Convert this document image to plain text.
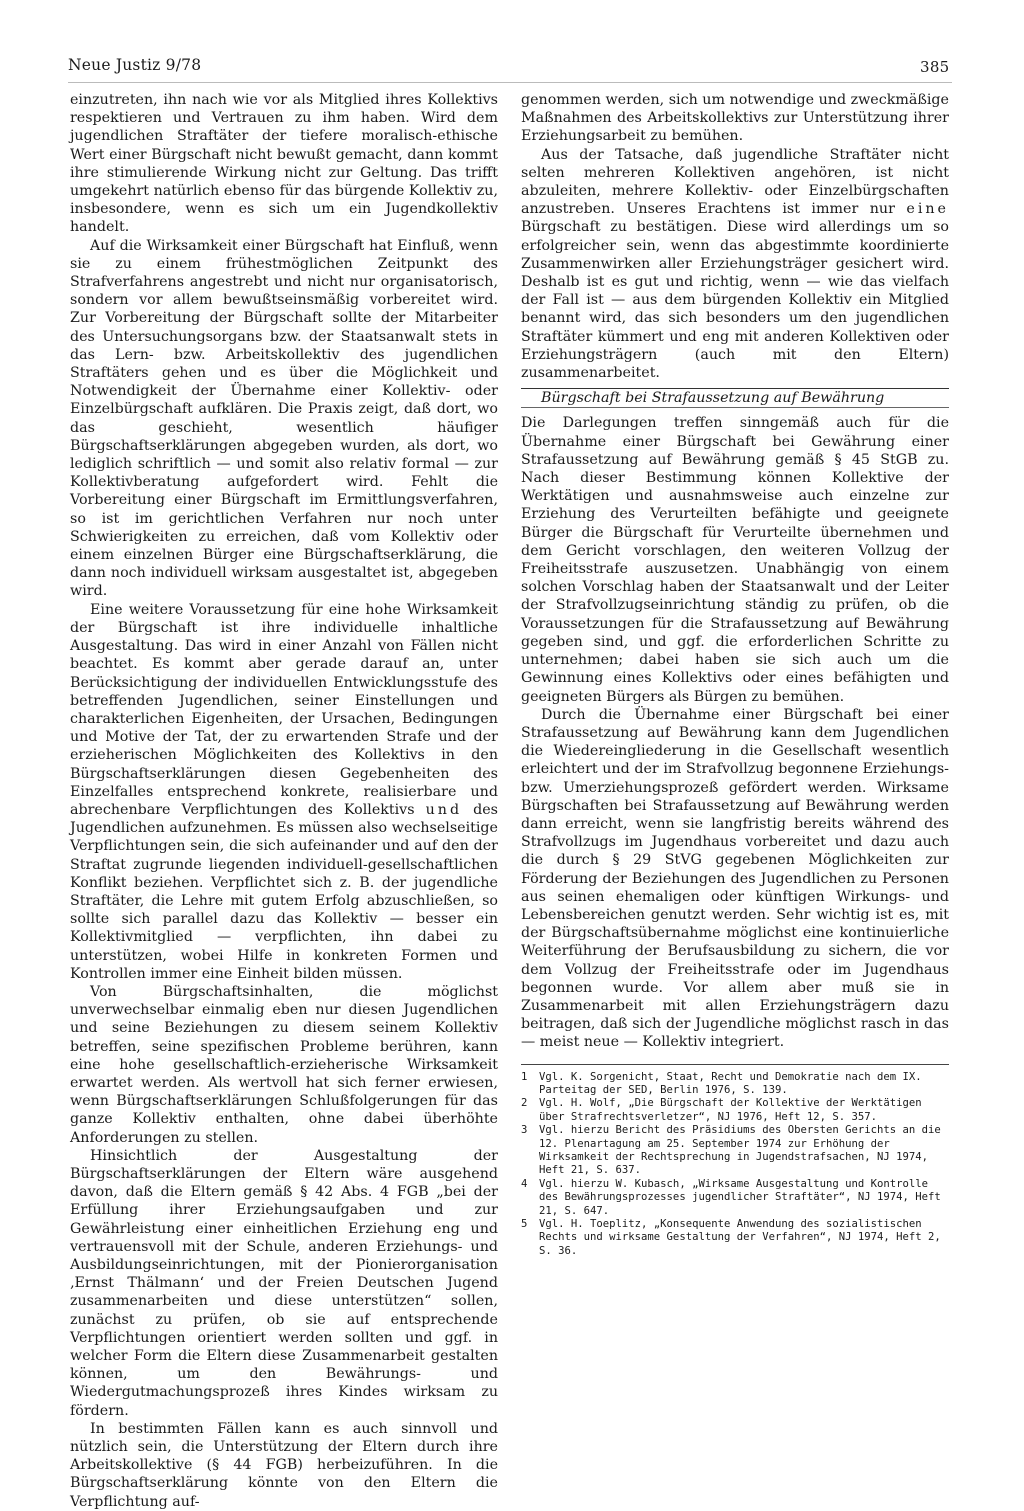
Neue Justiz 9/78	385

einzutreten, ihn nach wie vor als Mitglied ihres Kollektivs respektieren und Vertrauen zu ihm haben. Wird dem jugendlichen Straftäter der tiefere moralisch-ethische Wert einer Bürgschaft nicht bewußt gemacht, dann kommt ihre stimulierende Wirkung nicht zur Geltung. Das trifft umgekehrt natürlich ebenso für das bürgende Kollektiv zu, insbesondere, wenn es sich um ein Jugendkollektiv handelt.

Auf die Wirksamkeit einer Bürgschaft hat Einfluß, wenn sie zu einem frühestmöglichen Zeitpunkt des Strafverfahrens angestrebt und nicht nur organisatorisch, sondern vor allem bewußtseinsmäßig vorbereitet wird. Zur Vorbereitung der Bürgschaft sollte der Mitarbeiter des Untersuchungsorgans bzw. der Staatsanwalt stets in das Lern- bzw. Arbeitskollektiv des jugendlichen Straftäters gehen und es über die Möglichkeit und Notwendigkeit der Übernahme einer Kollektiv- oder Einzelbürgschaft aufklären. Die Praxis zeigt, daß dort, wo das geschieht, wesentlich häufiger Bürgschaftserklärungen abgegeben wurden, als dort, wo lediglich schriftlich — und somit also relativ formal — zur Kollektivberatung aufgefordert wird. Fehlt die Vorbereitung einer Bürgschaft im Ermittlungsverfahren, so ist im gerichtlichen Verfahren nur noch unter Schwierigkeiten zu erreichen, daß vom Kollektiv oder einem einzelnen Bürger eine Bürgschaftserklärung, die dann noch individuell wirksam ausgestaltet ist, abgegeben wird.

Eine weitere Voraussetzung für eine hohe Wirksamkeit der Bürgschaft ist ihre individuelle inhaltliche Ausgestaltung. Das wird in einer Anzahl von Fällen nicht beachtet. Es kommt aber gerade darauf an, unter Berücksichtigung der individuellen Entwicklungsstufe des betreffenden Jugendlichen, seiner Einstellungen und charakterlichen Eigenheiten, der Ursachen, Bedingungen und Motive der Tat, der zu erwartenden Strafe und der erzieherischen Möglichkeiten des Kollektivs in den Bürgschaftserklärungen diesen Gegebenheiten des Einzelfalles entsprechend konkrete, realisierbare und abrechenbare Verpflichtungen des Kollektivs und des Jugendlichen aufzunehmen. Es müssen also wechselseitige Verpflichtungen sein, die sich aufeinander und auf den der Straftat zugrunde liegenden individuell-gesellschaftlichen Konflikt beziehen. Verpflichtet sich z. B. der jugendliche Straftäter, die Lehre mit gutem Erfolg abzuschließen, so sollte sich parallel dazu das Kollektiv — besser ein Kollektivmitglied — verpflichten, ihn dabei zu unterstützen, wobei Hilfe in konkreten Formen und Kontrollen immer eine Einheit bilden müssen.

Von Bürgschaftsinhalten, die möglichst unverwechselbar einmalig eben nur diesen Jugendlichen und seine Beziehungen zu diesem seinem Kollektiv betreffen, seine spezifischen Probleme berühren, kann eine hohe gesellschaftlich-erzieherische Wirksamkeit erwartet werden. Als wertvoll hat sich ferner erwiesen, wenn Bürgschaftserklärungen Schlußfolgerungen für das ganze Kollektiv enthalten, ohne dabei überhöhte Anforderungen zu stellen.

Hinsichtlich der Ausgestaltung der Bürgschaftserklärungen der Eltern wäre ausgehend davon, daß die Eltern gemäß § 42 Abs. 4 FGB „bei der Erfüllung ihrer Erziehungsaufgaben und zur Gewährleistung einer einheitlichen Erziehung eng und vertrauensvoll mit der Schule, anderen Erziehungs- und Ausbildungseinrichtungen, mit der Pionierorganisation ‚Ernst Thälmann‘ und der Freien Deutschen Jugend zusammenarbeiten und diese unterstützen“ sollen, zunächst zu prüfen, ob sie auf entsprechende Verpflichtungen orientiert werden sollten und ggf. in welcher Form die Eltern diese Zusammenarbeit gestalten können, um den Bewährungs- und Wiedergutmachungsprozeß ihres Kindes wirksam zu fördern.

In bestimmten Fällen kann es auch sinnvoll und nützlich sein, die Unterstützung der Eltern durch ihre Arbeitskollektive (§ 44 FGB) herbeizuführen. In die Bürgschaftserklärung könnte von den Eltern die Verpflichtung auf-

genommen werden, sich um notwendige und zweckmäßige Maßnahmen des Arbeitskollektivs zur Unterstützung ihrer Erziehungsarbeit zu bemühen.

Aus der Tatsache, daß jugendliche Straftäter nicht selten mehreren Kollektiven angehören, ist nicht abzuleiten, mehrere Kollektiv- oder Einzelbürgschaften anzustreben. Unseres Erachtens ist immer nur eine Bürgschaft zu bestätigen. Diese wird allerdings um so erfolgreicher sein, wenn das abgestimmte koordinierte Zusammenwirken aller Erziehungsträger gesichert wird. Deshalb ist es gut und richtig, wenn — wie das vielfach der Fall ist — aus dem bürgenden Kollektiv ein Mitglied benannt wird, das sich besonders um den jugendlichen Straftäter kümmert und eng mit anderen Kollektiven oder Erziehungsträgern (auch mit den Eltern) zusammenarbeitet.

Bürgschaft bei Strafaussetzung auf Bewährung

Die Darlegungen treffen sinngemäß auch für die Übernahme einer Bürgschaft bei Gewährung einer Strafaussetzung auf Bewährung gemäß § 45 StGB zu. Nach dieser Bestimmung können Kollektive der Werktätigen und ausnahmsweise auch einzelne zur Erziehung des Verurteilten befähigte und geeignete Bürger die Bürgschaft für Verurteilte übernehmen und dem Gericht vorschlagen, den weiteren Vollzug der Freiheitsstrafe auszusetzen. Unabhängig von einem solchen Vorschlag haben der Staatsanwalt und der Leiter der Strafvollzugseinrichtung ständig zu prüfen, ob die Voraussetzungen für die Strafaussetzung auf Bewährung gegeben sind, und ggf. die erforderlichen Schritte zu unternehmen; dabei haben sie sich auch um die Gewinnung eines Kollektivs oder eines befähigten und geeigneten Bürgers als Bürgen zu bemühen.

Durch die Übernahme einer Bürgschaft bei einer Strafaussetzung auf Bewährung kann dem Jugendlichen die Wiedereingliederung in die Gesellschaft wesentlich erleichtert und der im Strafvollzug begonnene Erziehungs- bzw. Umerziehungsprozeß gefördert werden. Wirksame Bürgschaften bei Strafaussetzung auf Bewährung werden dann erreicht, wenn sie langfristig bereits während des Strafvollzugs im Jugendhaus vorbereitet und dazu auch die durch § 29 StVG gegebenen Möglichkeiten zur Förderung der Beziehungen des Jugendlichen zu Personen aus seinen ehemaligen oder künftigen Wirkungs- und Lebensbereichen genutzt werden. Sehr wichtig ist es, mit der Bürgschaftsübernahme möglichst eine kontinuierliche Weiterführung der Berufsausbildung zu sichern, die vor dem Vollzug der Freiheitsstrafe oder im Jugendhaus begonnen wurde. Vor allem aber muß sie in Zusammenarbeit mit allen Erziehungsträgern dazu beitragen, daß sich der Jugendliche möglichst rasch in das — meist neue — Kollektiv integriert.

1	Vgl. K. Sorgenicht, Staat, Recht und Demokratie nach dem IX. Parteitag der SED, Berlin 1976, S. 139.
2	Vgl. H. Wolf, „Die Bürgschaft der Kollektive der Werktätigen über Strafrechtsverletzer“, NJ 1976, Heft 12, S. 357.
3	Vgl. hierzu Bericht des Präsidiums des Obersten Gerichts an die 12. Plenartagung am 25. September 1974 zur Erhöhung der Wirksamkeit der Rechtsprechung in Jugendstrafsachen, NJ 1974, Heft 21, S. 637.
4	Vgl. hierzu W. Kubasch, „Wirksame Ausgestaltung und Kontrolle des Bewährungsprozesses jugendlicher Straftäter“, NJ 1974, Heft 21, S. 647.
5	Vgl. H. Toeplitz, „Konsequente Anwendung des sozialistischen Rechts und wirksame Gestaltung der Verfahren“, NJ 1974, Heft 2, S. 36.
